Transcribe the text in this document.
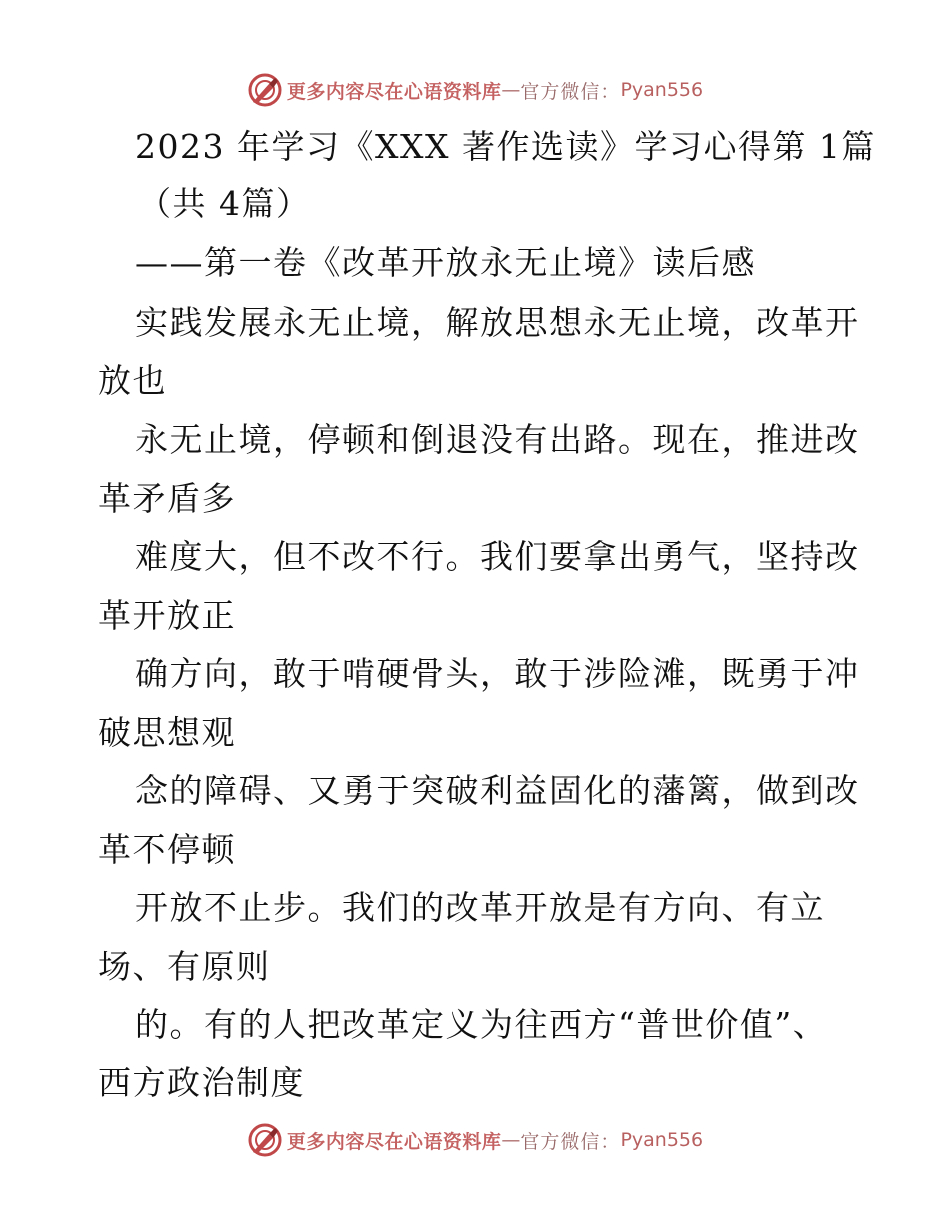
更多内容尽在心语资料库 — 官方微信： Pyan556
2023 年学习《XXX 著作选读》学习心得第 1篇
（共 4篇）
——第一卷《改革开放永无止境》读后感
实践发展永无止境，解放思想永无止境，改革开
放也
永无止境，停顿和倒退没有出路。现在，推进改
革矛盾多
难度大，但不改不行。我们要拿出勇气，坚持改
革开放正
确方向，敢于啃硬骨头，敢于涉险滩，既勇于冲
破思想观
念的障碍、又勇于突破利益固化的藩篱，做到改
革不停顿
开放不止步。我们的改革开放是有方向、有立
场、有原则
的。有的人把改革定义为往西方“普世价值”、
西方政治制度
更多内容尽在心语资料库 — 官方微信： Pyan556
